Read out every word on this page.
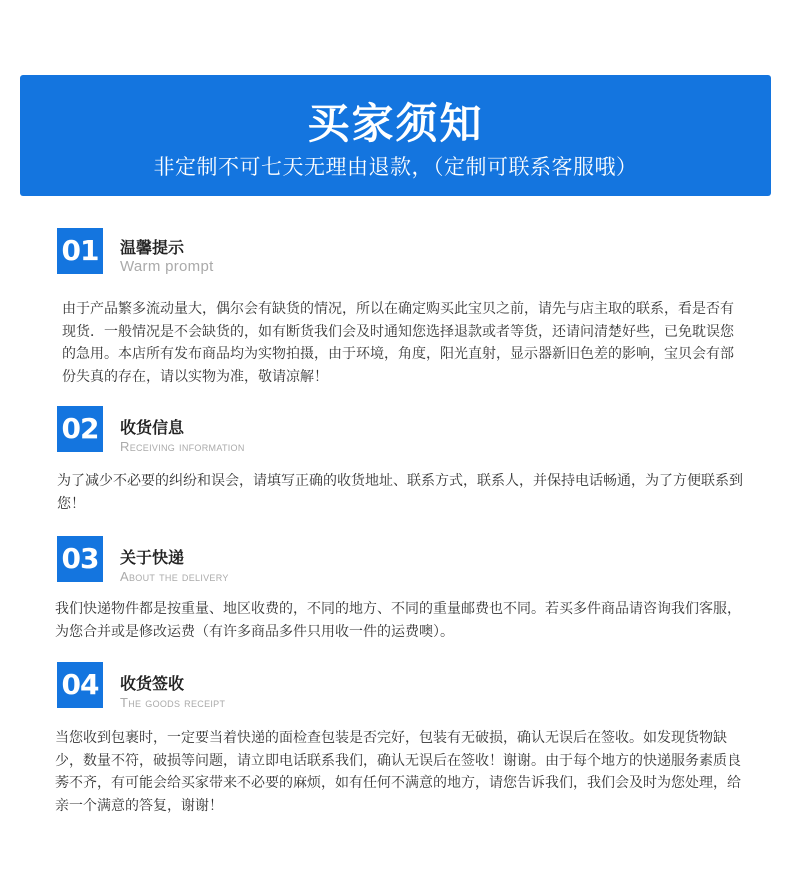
买家须知
非定制不可七天无理由退款，（定制可联系客服哦）
01 温馨提示
Warm prompt
由于产品繁多流动量大，偶尔会有缺货的情况，所以在确定购买此宝贝之前，请先与店主取的联系，看是否有现货．一般情况是不会缺货的，如有断货我们会及时通知您选择退款或者等货，还请问清楚好些，已免耽误您的急用。本店所有发布商品均为实物拍摄，由于环境，角度，阳光直射，显示器新旧色差的影响，宝贝会有部份失真的存在，请以实物为准，敬请凉解！
02 收货信息
Receiving information
为了减少不必要的纠纷和误会，请填写正确的收货地址、联系方式，联系人，并保持电话畅通，为了方便联系到您！
03 关于快递
About the delivery
我们快递物件都是按重量、地区收费的，不同的地方、不同的重量邮费也不同。若买多件商品请咨询我们客服，为您合并或是修改运费（有许多商品多件只用收一件的运费噢）。
04 收货签收
The goods receipt
当您收到包裹时，一定要当着快递的面检查包装是否完好，包装有无破损，确认无误后在签收。如发现货物缺少，数量不符，破损等问题，请立即电话联系我们，确认无误后在签收！谢谢。由于每个地方的快递服务素质良莠不齐，有可能会给买家带来不必要的麻烦，如有任何不满意的地方，请您告诉我们，我们会及时为您处理，给亲一个满意的答复，谢谢！
